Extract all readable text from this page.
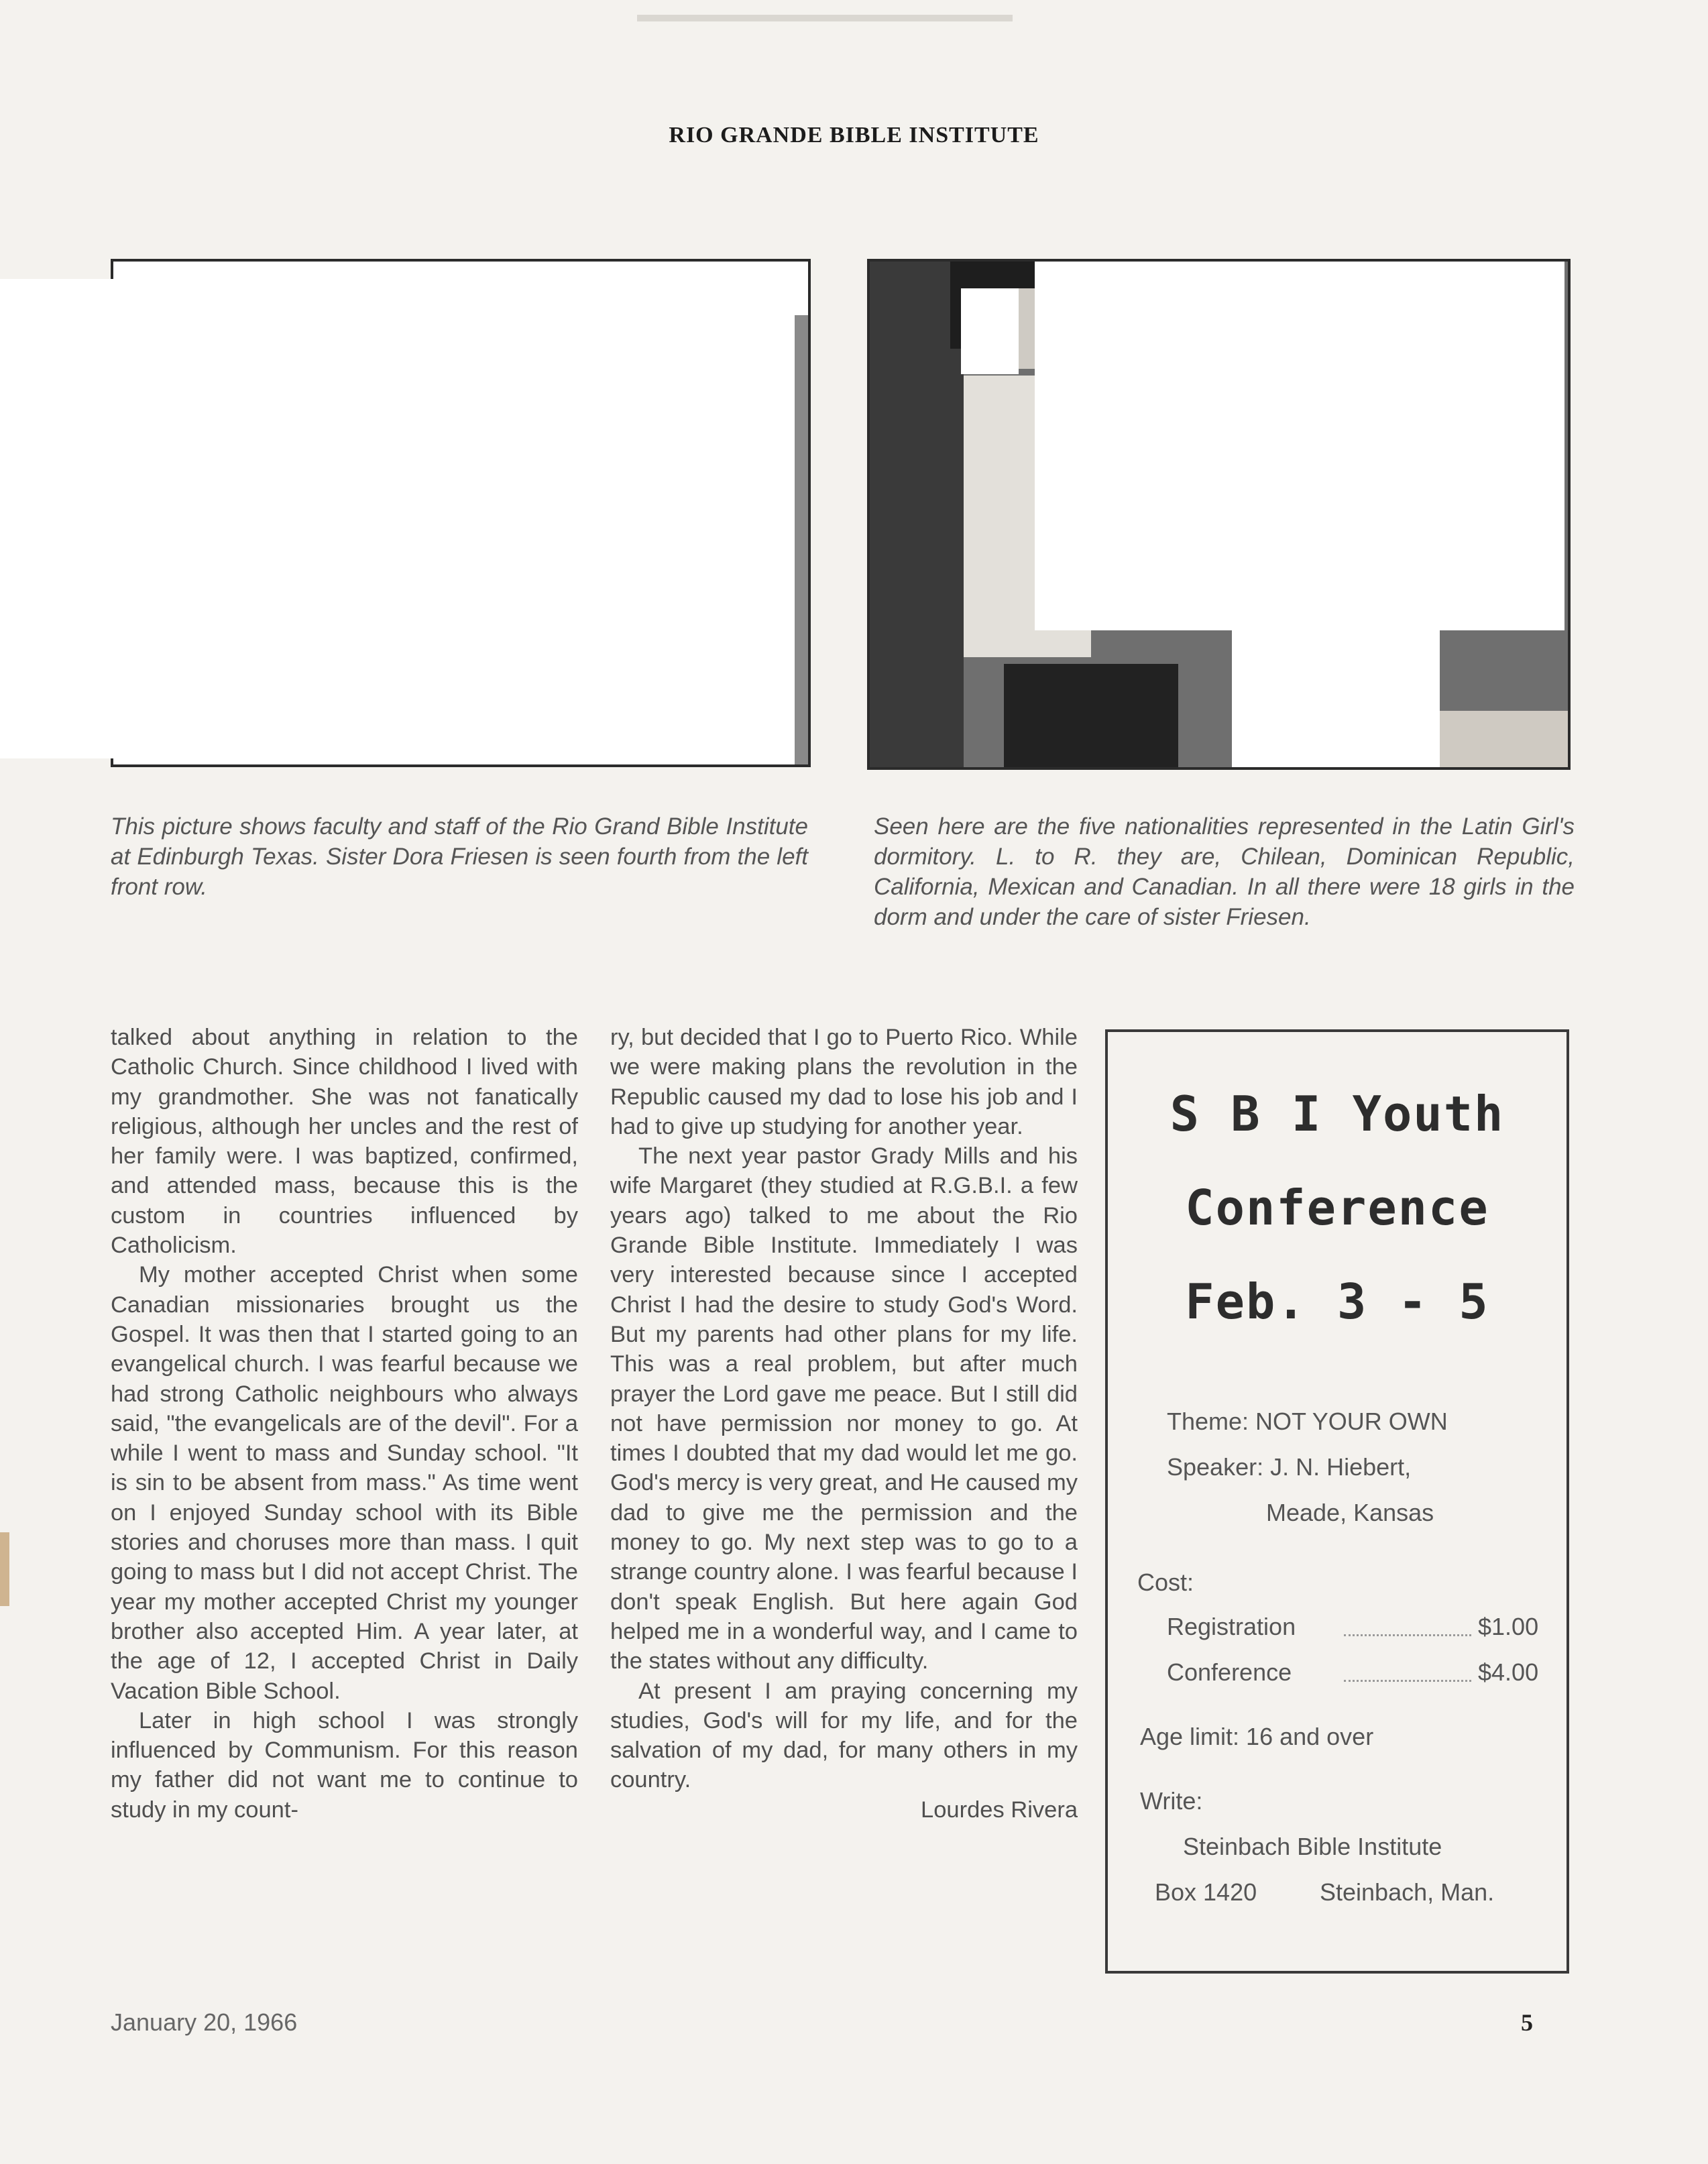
RIO GRANDE BIBLE INSTITUTE

This picture shows faculty and staff of the Rio Grand Bible Institute at Edinburgh Texas. Sister Dora Friesen is seen fourth from the left front row.

Seen here are the five nationalities represented in the Latin Girl's dormitory. L. to R. they are, Chilean, Dominican Republic, California, Mexican and Canadian. In all there were 18 girls in the dorm and under the care of sister Friesen.

talked about anything in relation to the Catholic Church. Since childhood I lived with my grandmother. She was not fanatically religious, although her uncles and the rest of her family were. I was baptized, confirmed, and attended mass, because this is the custom in countries influenced by Catholicism.

My mother accepted Christ when some Canadian missionaries brought us the Gospel. It was then that I started going to an evangelical church. I was fearful because we had strong Catholic neighbours who always said, "the evangelicals are of the devil". For a while I went to mass and Sunday school. "It is sin to be absent from mass." As time went on I enjoyed Sunday school with its Bible stories and choruses more than mass. I quit going to mass but I did not accept Christ. The year my mother accepted Christ my younger brother also accepted Him. A year later, at the age of 12, I accepted Christ in Daily Vacation Bible School.

Later in high school I was strongly influenced by Communism. For this reason my father did not want me to continue to study in my count-

ry, but decided that I go to Puerto Rico. While we were making plans the revolution in the Republic caused my dad to lose his job and I had to give up studying for another year.

The next year pastor Grady Mills and his wife Margaret (they studied at R.G.B.I. a few years ago) talked to me about the Rio Grande Bible Institute. Immediately I was very interested because since I accepted Christ I had the desire to study God's Word. But my parents had other plans for my life. This was a real problem, but after much prayer the Lord gave me peace. But I still did not have permission nor money to go. At times I doubted that my dad would let me go. God's mercy is very great, and He caused my dad to give me the permission and the money to go. My next step was to go to a strange country alone. I was fearful because I don't speak English. But here again God helped me in a wonderful way, and I came to the states without any difficulty.

At present I am praying concerning my studies, God's will for my life, and for the salvation of my dad, for many others in my country.

Lourdes Rivera

S B I Youth
Conference
Feb. 3 - 5
Theme: NOT YOUR OWN
Speaker: J. N. Hiebert,
Meade, Kansas
Cost:
Registration	$1.00
Conference	$4.00
Age limit: 16 and over
Write:
Steinbach Bible Institute
Box 1420	Steinbach, Man.
January 20, 1966	5
